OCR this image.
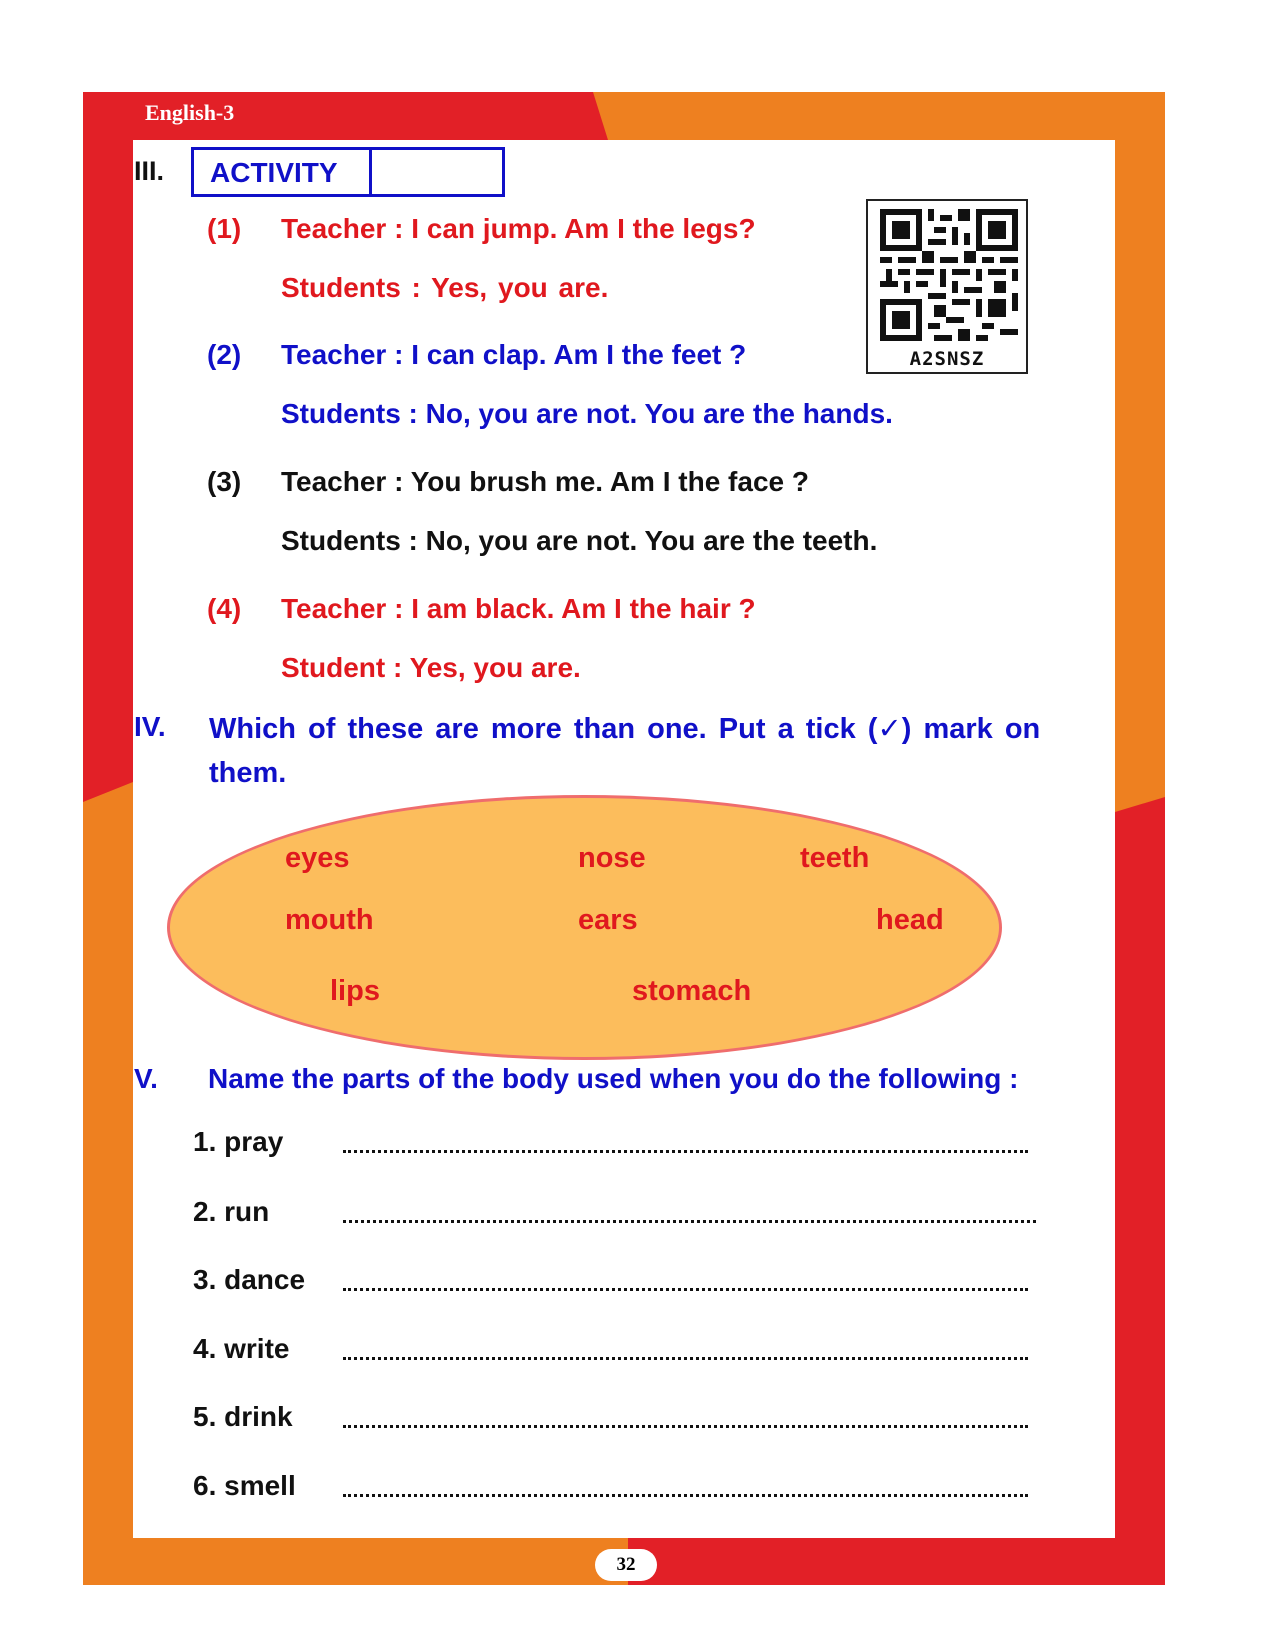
English-3
32
III. ACTIVITY
A2SNSZ
(1) Teacher : I can jump. Am I the legs?
Students : Yes, you are.
(2) Teacher : I can clap. Am I the feet ?
Students : No, you are not. You are the hands.
(3) Teacher : You brush me. Am I the face ?
Students : No, you are not. You are the teeth.
(4) Teacher : I am black. Am I the hair ?
Student : Yes, you are.
IV. Which of these are more than one. Put a tick (✓) mark on
them.
eyes	nose	teeth
mouth	ears	head
lips	stomach
V. Name the parts of the body used when you do the following :
1. pray
2. run
3. dance
4. write
5. drink
6. smell
